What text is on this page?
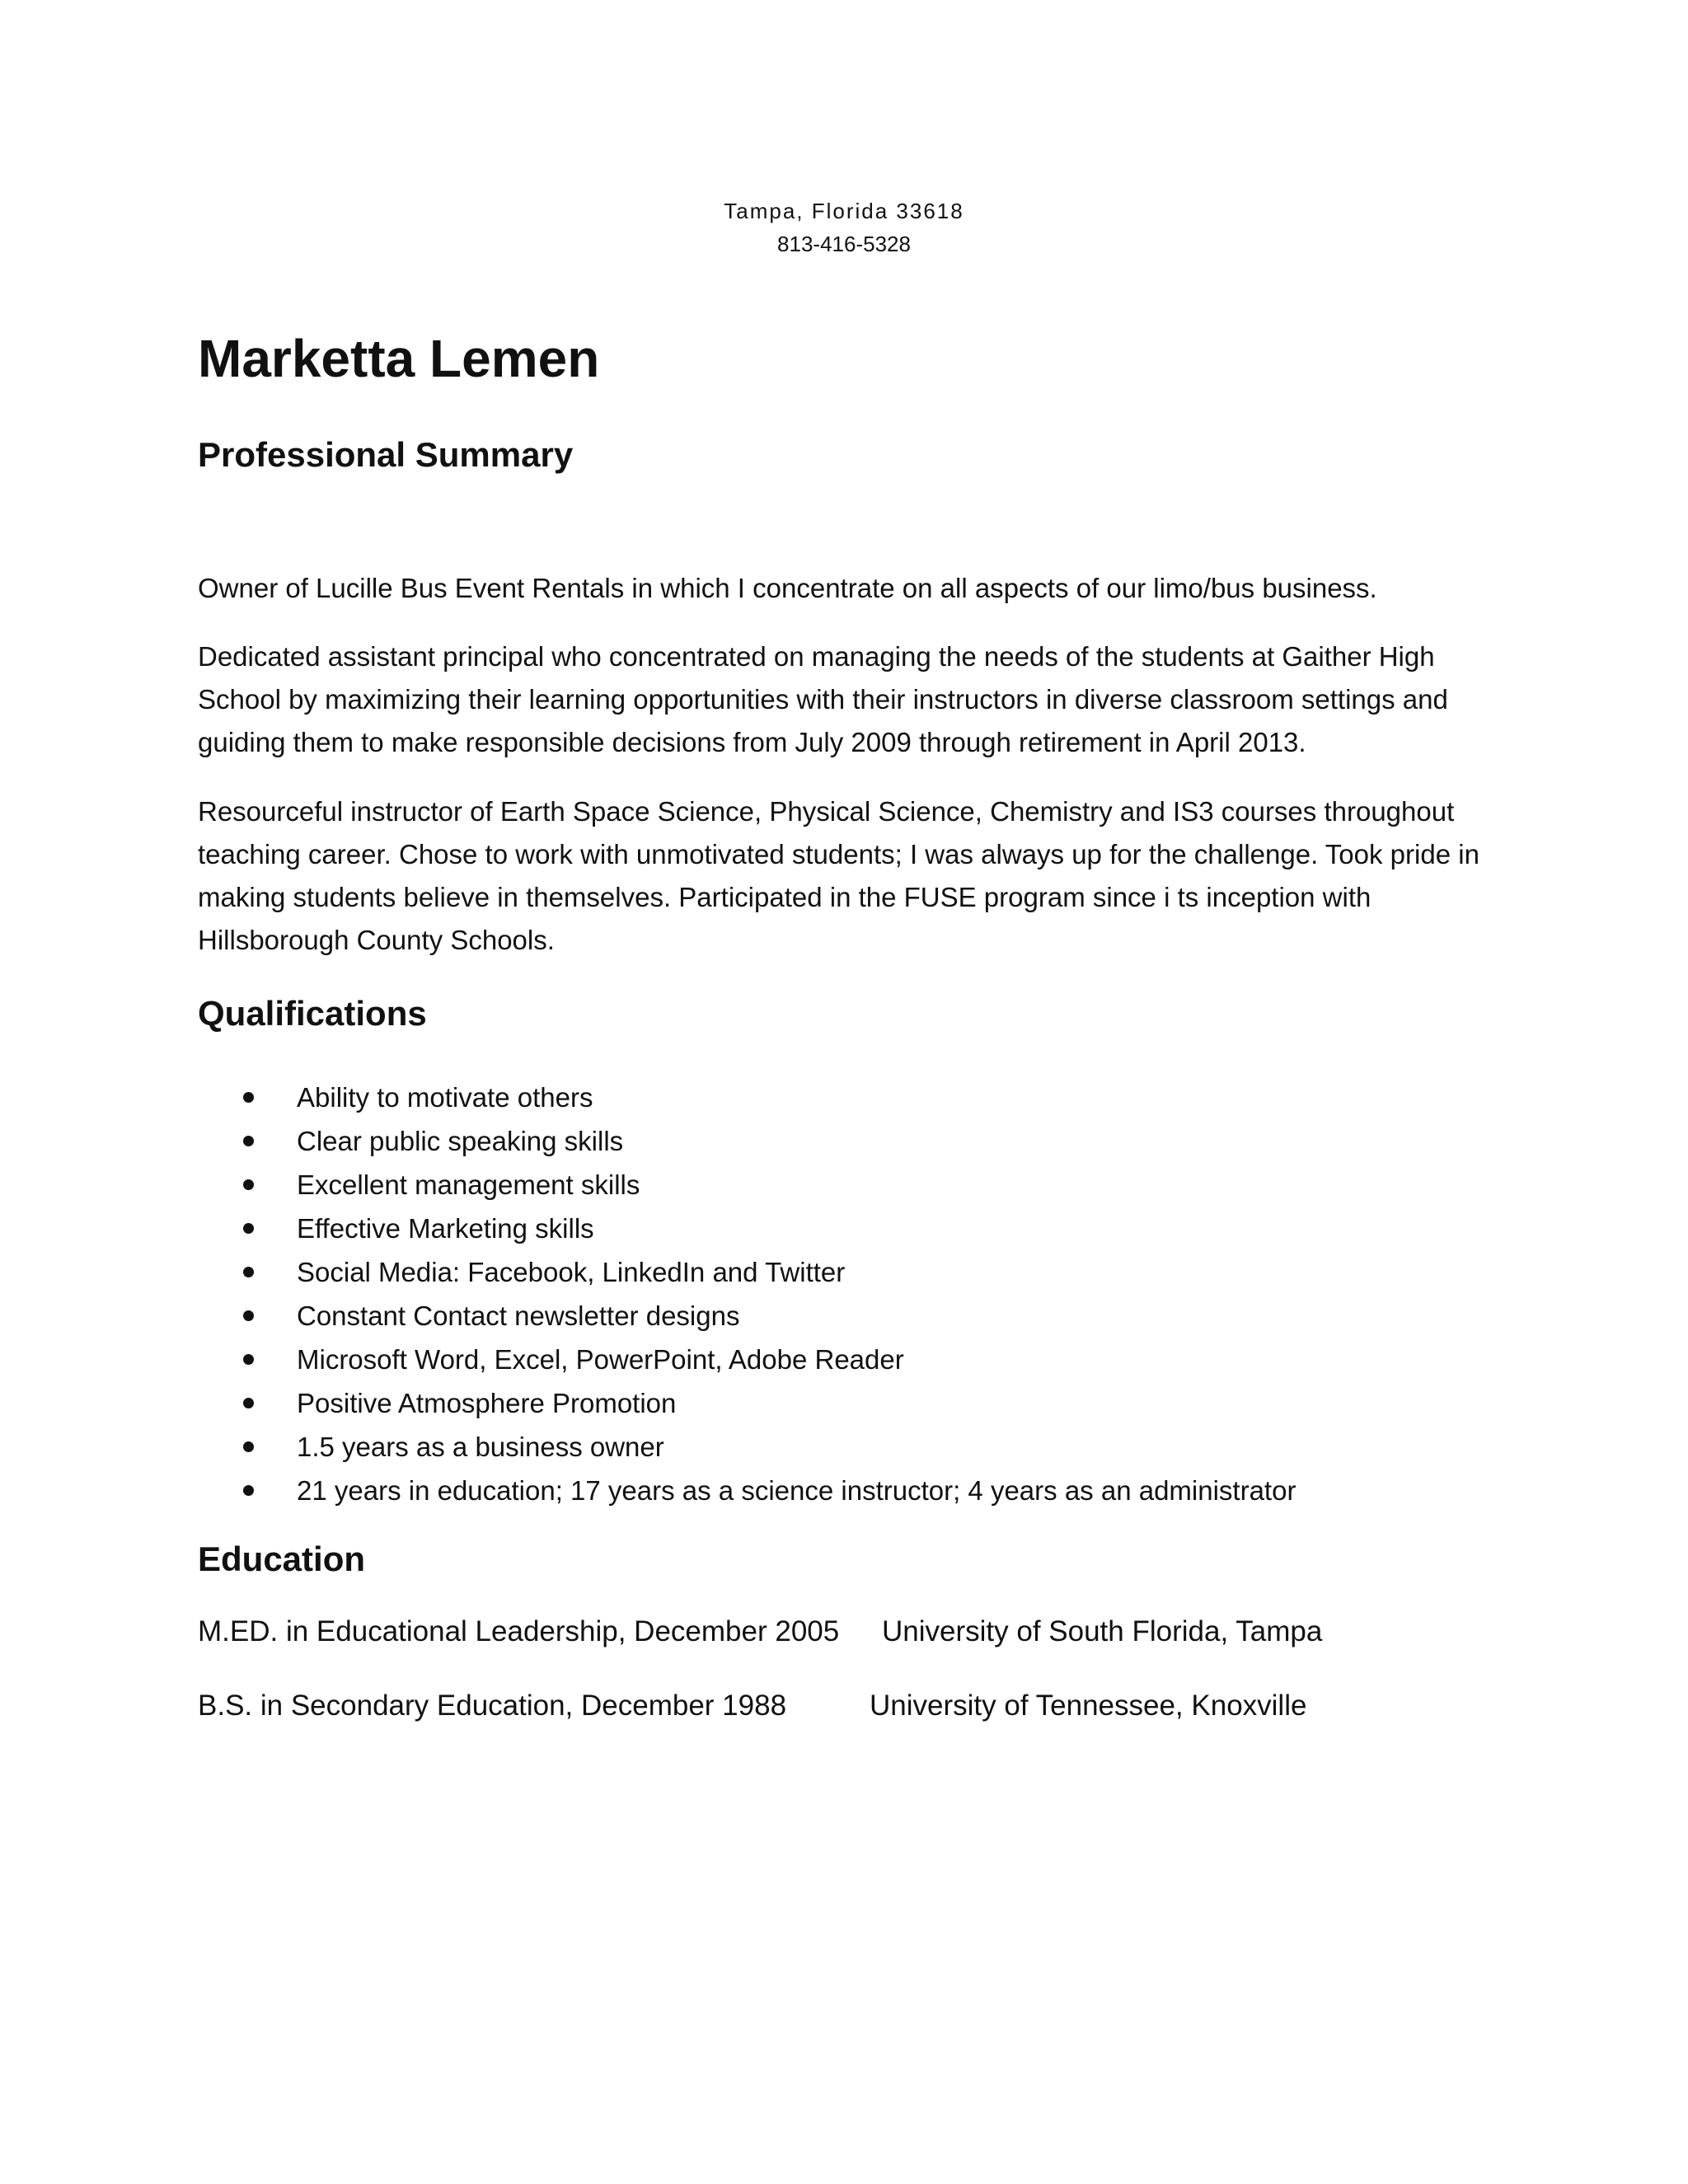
Tampa, Florida 33618
813-416-5328
Marketta Lemen
Professional Summary

Owner of Lucille Bus Event Rentals in which I concentrate on all aspects of our limo/bus business.

Dedicated assistant principal who concentrated on managing the needs of the students at Gaither High School by maximizing their learning opportunities with their instructors in diverse classroom settings and guiding them to make responsible decisions from July 2009 through retirement in April 2013.

Resourceful instructor of Earth Space Science, Physical Science, Chemistry and IS3 courses throughout teaching career. Chose to work with unmotivated students; I was always up for the challenge. Took pride in making students believe in themselves. Participated in the FUSE program since i ts inception with Hillsborough County Schools.

Qualifications
Ability to motivate others
Clear public speaking skills
Excellent management skills
Effective Marketing skills
Social Media: Facebook, LinkedIn and Twitter
Constant Contact newsletter designs
Microsoft Word, Excel, PowerPoint, Adobe Reader
Positive Atmosphere Promotion
1.5 years as a business owner
21 years in education; 17 years as a science instructor; 4 years as an administrator
Education
M.ED. in Educational Leadership, December 2005 University of South Florida, Tampa
B.S. in Secondary Education, December 1988	University of Tennessee, Knoxville
